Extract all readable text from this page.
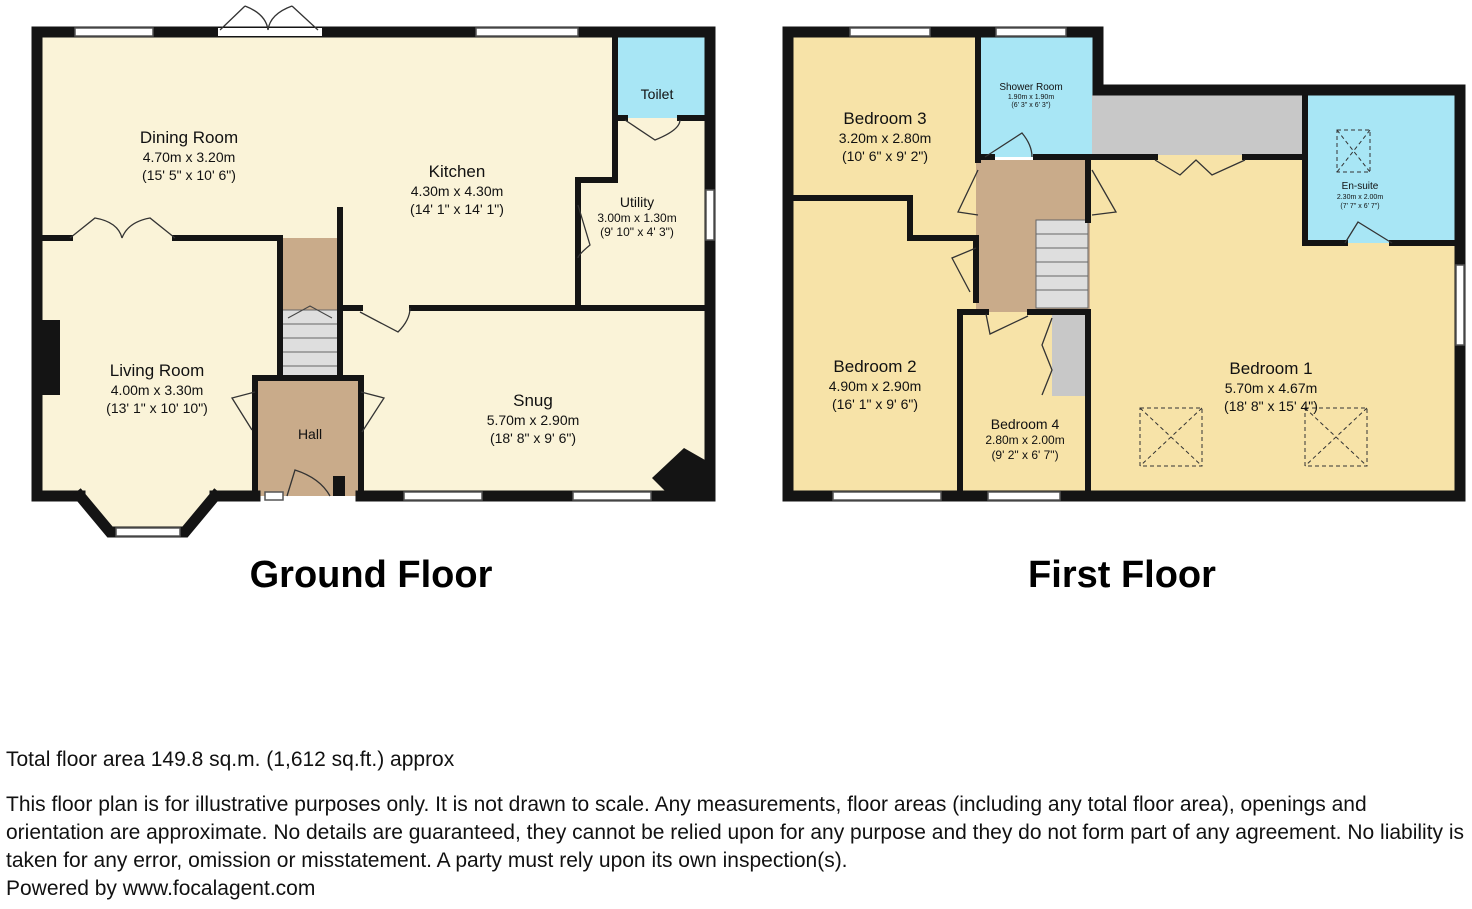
Dining Room
4.70m x 3.20m
(15' 5" x 10' 6")	Kitchen
4.30m x 4.30m
(14' 1" x 14' 1")
Toilet
Utility
3.00m x 1.30m
(9' 10" x 4' 3")
Living Room
4.00m x 3.30m
(13' 1" x 10' 10")
Hall
Snug
5.70m x 2.90m
(18' 8" x 9' 6")
Bedroom 3
3.20m x 2.80m
(10' 6" x 9' 2")
Shower Room
1.90m x 1.90m
(6' 3" x 6' 3")
En-suite
2.30m x 2.00m
(7' 7" x 6' 7")
Bedroom 2
4.90m x 2.90m
(16' 1" x 9' 6")
Bedroom 1
5.70m x 4.67m
(18' 8" x 15' 4")
Bedroom 4
2.80m x 2.00m
(9' 2" x 6' 7")
Ground Floor	First Floor

Total floor area 149.8 sq.m. (1,612 sq.ft.) approx

This floor plan is for illustrative purposes only. It is not drawn to scale. Any measurements, floor areas (including any total floor area), openings and orientation are approximate. No details are guaranteed, they cannot be relied upon for any purpose and they do not form part of any agreement. No liability is taken for any error, omission or misstatement. A party must rely upon its own inspection(s).

Powered by www.focalagent.com
